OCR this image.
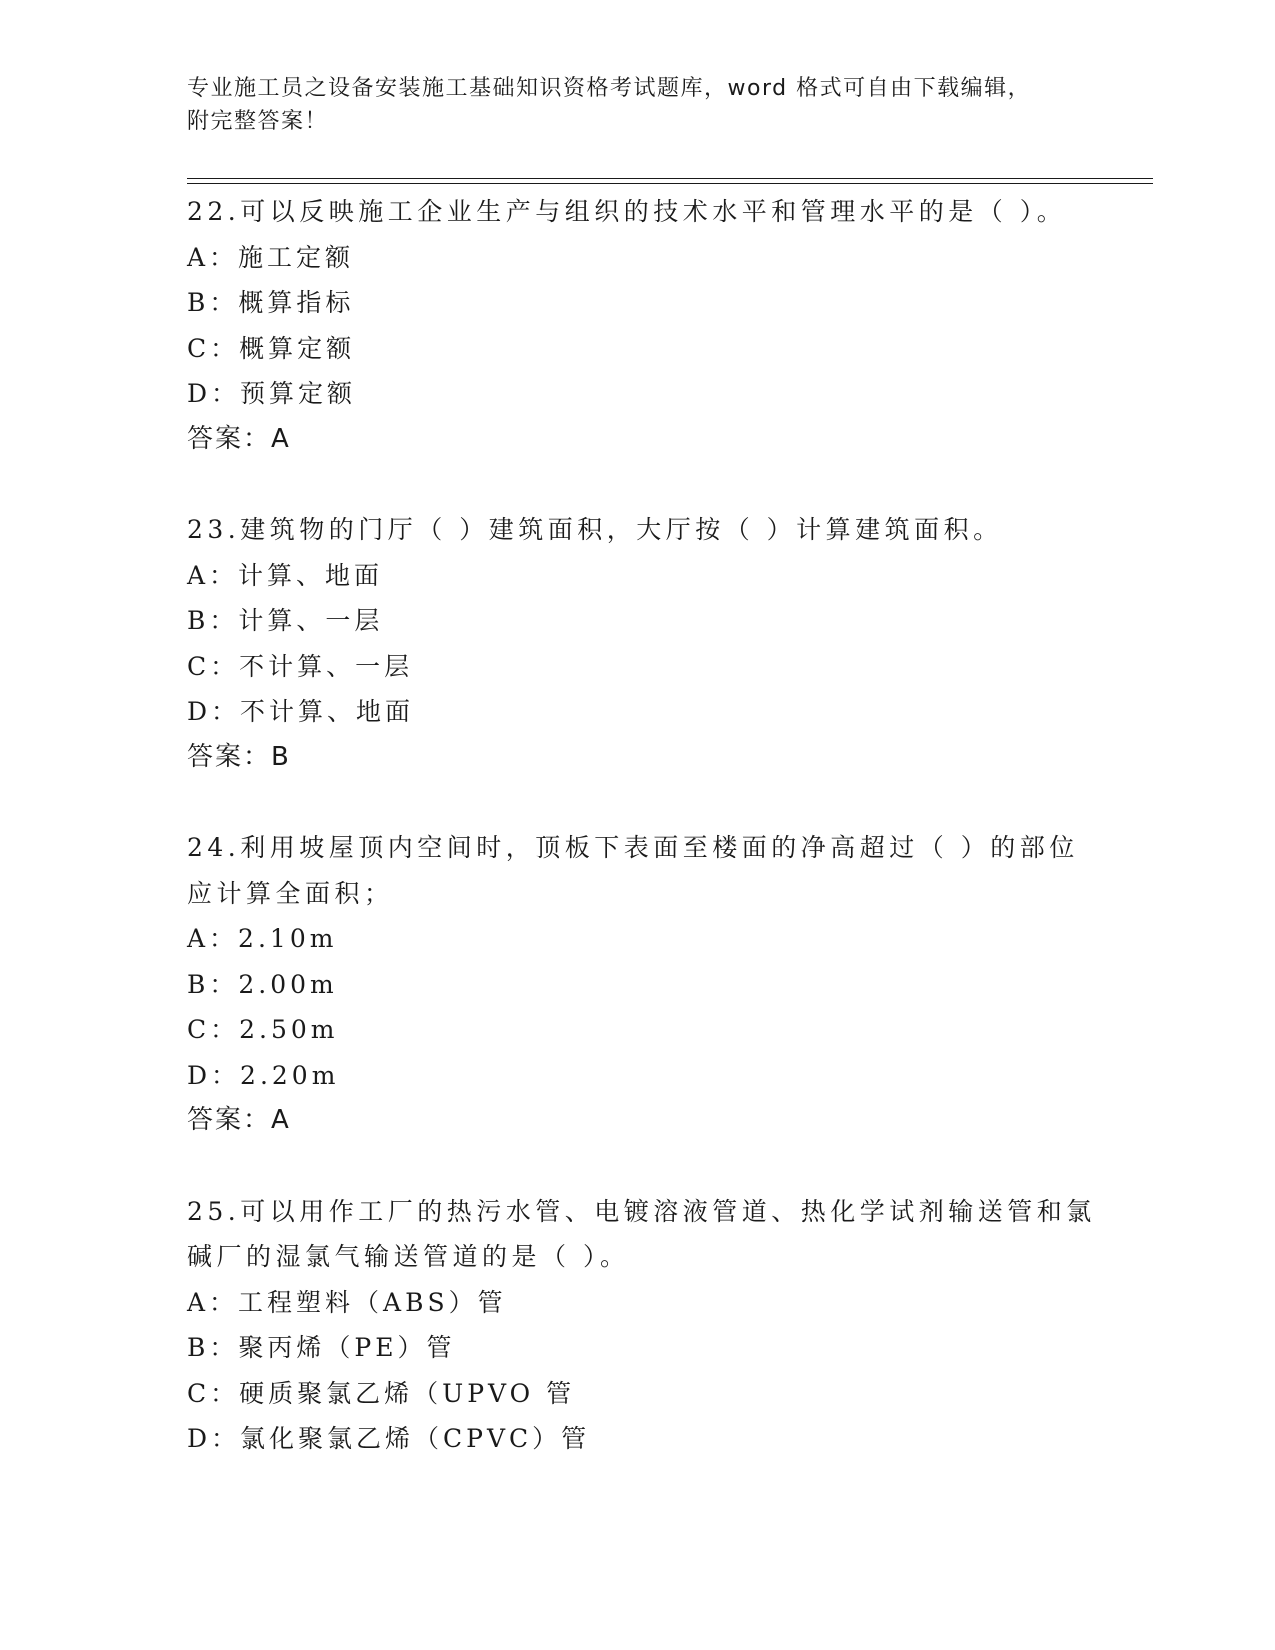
专业施工员之设备安装施工基础知识资格考试题库，word 格式可自由下载编辑，
附完整答案！
22.可以反映施工企业生产与组织的技术水平和管理水平的是（ ）。
A：施工定额
B：概算指标
C：概算定额
D：预算定额
答案：A
23.建筑物的门厅（ ）建筑面积，大厅按（ ）计算建筑面积。
A：计算、地面
B：计算、一层
C：不计算、一层
D：不计算、地面
答案：B
24.利用坡屋顶内空间时，顶板下表面至楼面的净高超过（ ）的部位
应计算全面积；
A：2.10m
B：2.00m
C：2.50m
D：2.20m
答案：A
25.可以用作工厂的热污水管、电镀溶液管道、热化学试剂输送管和氯
碱厂的湿氯气输送管道的是（ ）。
A：工程塑料（ABS）管
B：聚丙烯（PE）管
C：硬质聚氯乙烯（UPVO 管
D：氯化聚氯乙烯（CPVC）管
